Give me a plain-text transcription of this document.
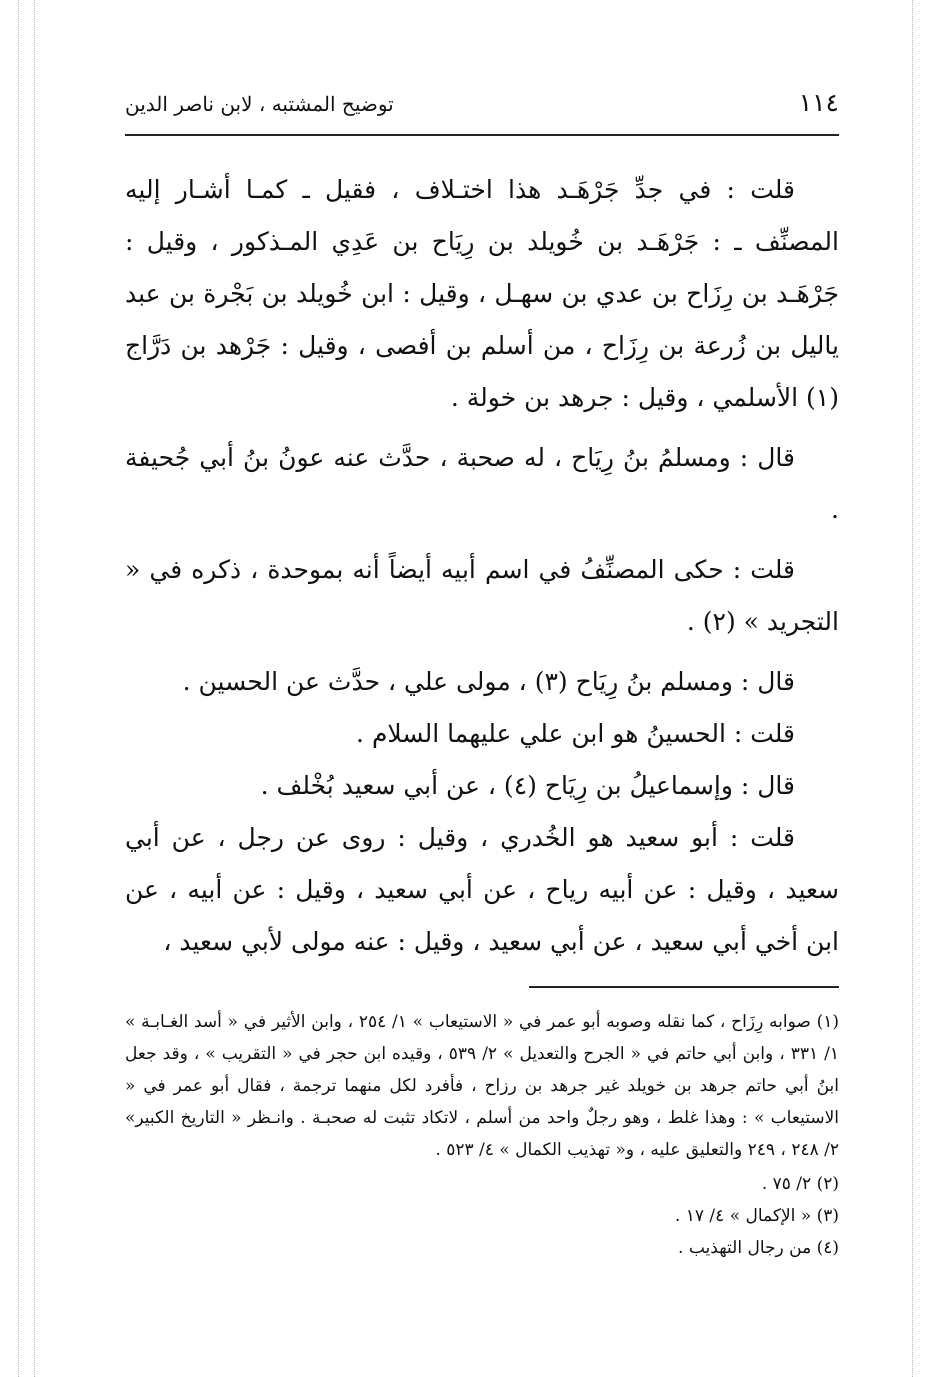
١١٤
توضيح المشتبه ، لابن ناصر الدين

قلت : في جدِّ جَرْهَـد هذا اختـلاف ، فقيل ـ كمـا أشـار إليه المصنِّف ـ : جَرْهَـد بن خُويلد بن رِيَاح بن عَدِي المـذكور ، وقيل : جَرْهَـد بن رِزَاح بن عدي بن سهـل ، وقيل : ابن خُويلد بن بَجْرة بن عبد ياليل بن زُرعة بن رِزَاح ، من أسلم بن أفصى ، وقيل : جَرْهد بن دَرَّاج (١) الأسلمي ، وقيل : جرهد بن خولة .

قال : ومسلمُ بنُ رِيَاح ، له صحبة ، حدَّث عنه عونُ بنُ أبي جُحيفة .

قلت : حكى المصنِّفُ في اسم أبيه أيضاً أنه بموحدة ، ذكره في « التجريد » (٢) .

قال : ومسلم بنُ رِيَاح (٣) ، مولى علي ، حدَّث عن الحسين .

قلت : الحسينُ هو ابن علي عليهما السلام .

قال : وإسماعيلُ بن رِيَاح (٤) ، عن أبي سعيد بُخْلف .

قلت : أبو سعيد هو الخُدري ، وقيل : روى عن رجل ، عن أبي سعيد ، وقيل : عن أبيه رياح ، عن أبي سعيد ، وقيل : عن أبيه ، عن ابن أخي أبي سعيد ، عن أبي سعيد ، وقيل : عنه مولى لأبي سعيد ،

(١) صوابه رِزَاح ، كما نقله وصوبه أبو عمر في « الاستيعاب » ١/ ٢٥٤ ، وابن الأثير في « أسد الغـابـة » ١/ ٣٣١ ، وابن أبي حاتم في « الجرح والتعديل » ٢/ ٥٣٩ ، وقيده ابن حجر في « التقريب » ، وقد جعل ابنُ أبي حاتم جرهد بن خويلد غير جرهد بن رزاح ، فأفرد لكل منهما ترجمة ، فقال أبو عمر في « الاستيعاب » : وهذا غلط ، وهو رجلٌ واحد من أسلم ، لاتكاد تثبت له صحبـة . وانـظر « التاريخ الكبير» ٢/ ٢٤٨ ، ٢٤٩ والتعليق عليه ، و« تهذيب الكمال » ٤/ ٥٢٣ .

(٢) ٢/ ٧٥ .

(٣) « الإكمال » ٤/ ١٧ .

(٤) من رجال التهذيب .
